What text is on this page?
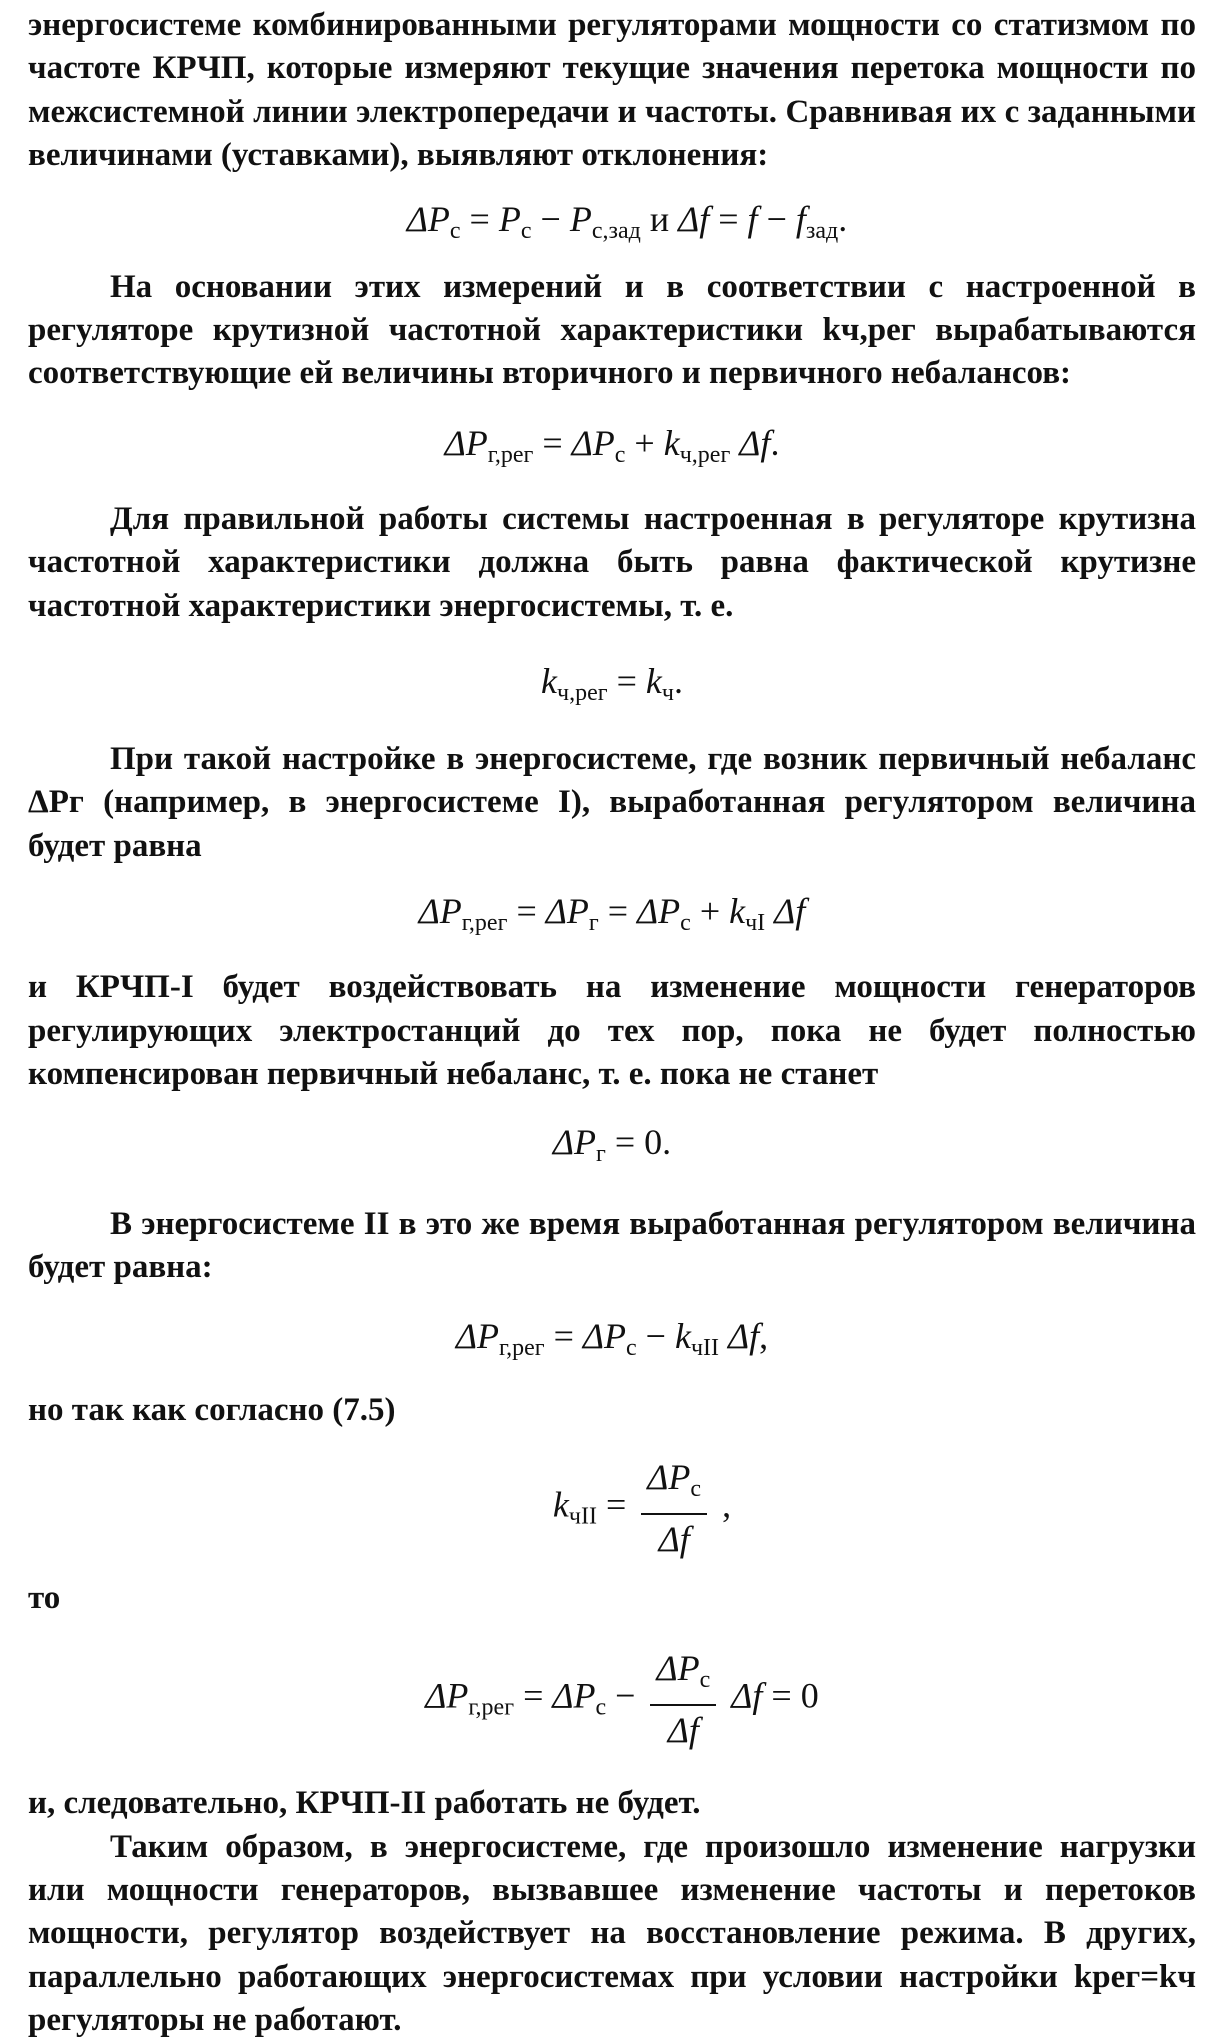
энергосистеме комбинированными регуляторами мощности со статизмом по частоте КРЧП, которые измеряют текущие значения перетока мощности по межсистемной линии электропередачи и частоты. Сравнивая их с заданными величинами (уставками), выявляют отклонения:

$\Delta P_с = P_с - P_{с,зад}$ и $\Delta f = f - f_{зад}$.

На основании этих измерений и в соответствии с настроенной в регуляторе крутизной частотной характеристики kч,рег вырабатываются соответствующие ей величины вторичного и первичного небалансов:

$\Delta P_{г,рег} = \Delta P_с + k_{ч,рег}$ Δf.

Для правильной работы системы настроенная в регуляторе крутизна частотной характеристики должна быть равна фактической крутизне частотной характеристики энергосистемы, т. е.

$k_{ч,рег} = k_ч$.

При такой настройке в энергосистеме, где возник первичный небаланс ΔPг (например, в энергосистеме I), выработанная регулятором величина будет равна

$\Delta P_{г,рег} = \Delta P_г = \Delta P_с + k_{чI}$ Δf

и КРЧП-I будет воздействовать на изменение мощности генераторов регулирующих электростанций до тех пор, пока не будет полностью компенсирован первичный небаланс, т. е. пока не станет

$\Delta P_г = 0$.

В энергосистеме II в это же время выработанная регулятором величина будет равна:

$\Delta P_{г,рег} = \Delta P_с - k_{чII}$ Δf,

но так как согласно (7.5)

$k_{чII} = \frac{\Delta P_с}{\Delta f}$ ,

то

$\Delta P_{г,рег} = \Delta P_с - \frac{\Delta P_с}{\Delta f}$ Δf = 0

и, следовательно, КРЧП-II работать не будет.

Таким образом, в энергосистеме, где произошло изменение нагрузки или мощности генераторов, вызвавшее изменение частоты и перетоков мощности, регулятор воздействует на восстановление режима. В других, параллельно работающих энергосистемах при условии настройки kрег=kч регуляторы не работают.
